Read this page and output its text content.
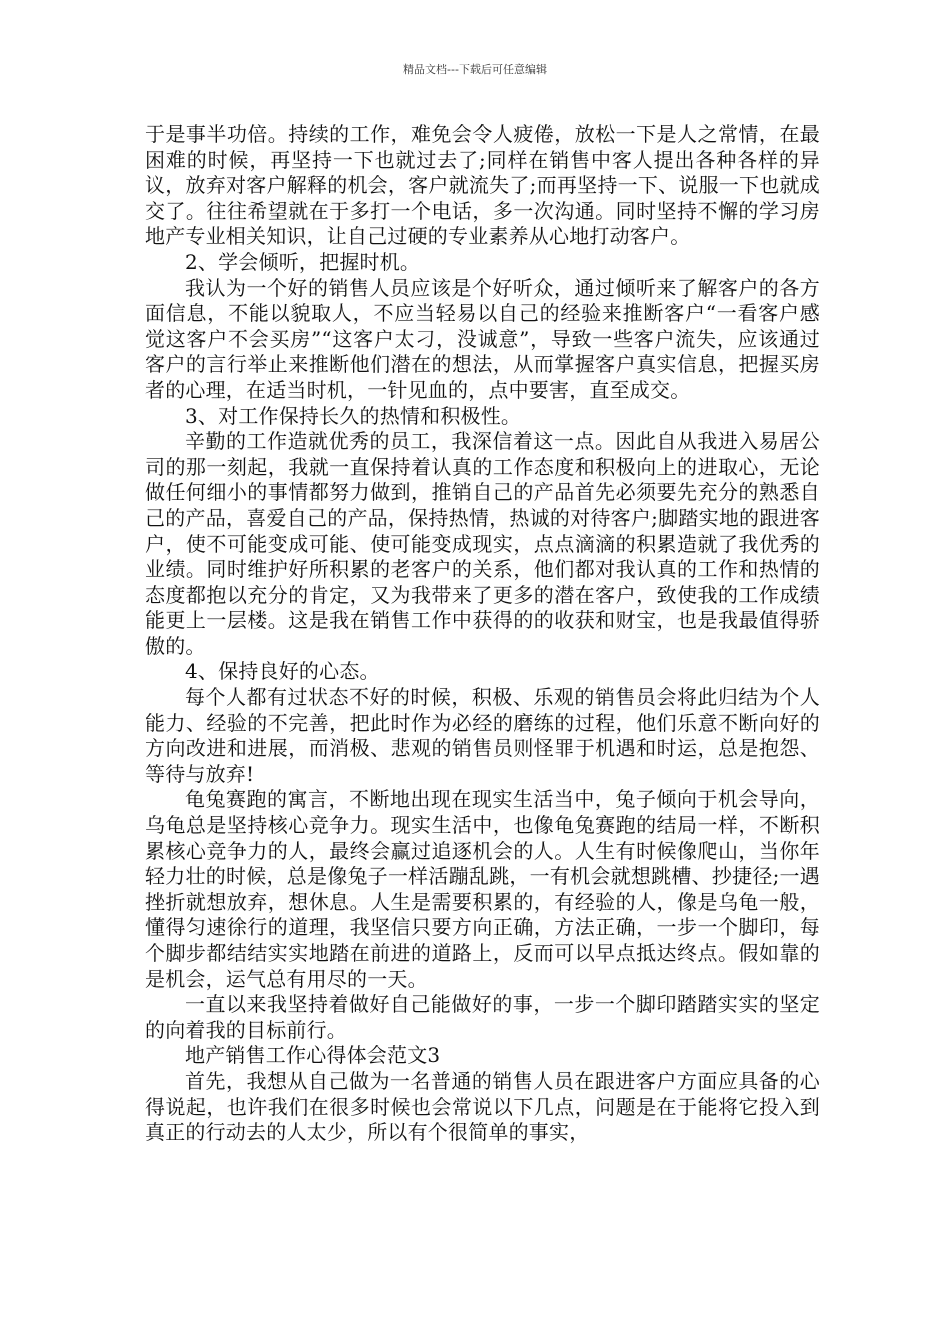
精品文档---下载后可任意编辑

于是事半功倍。持续的工作，难免会令人疲倦，放松一下是人之常情，在最困难的时候，再坚持一下也就过去了;同样在销售中客人提出各种各样的异议，放弃对客户解释的机会，客户就流失了;而再坚持一下、说服一下也就成交了。往往希望就在于多打一个电话，多一次沟通。同时坚持不懈的学习房地产专业相关知识，让自己过硬的专业素养从心地打动客户。

2、学会倾听，把握时机。

我认为一个好的销售人员应该是个好听众，通过倾听来了解客户的各方面信息，不能以貌取人，不应当轻易以自己的经验来推断客户“一看客户感觉这客户不会买房”“这客户太刁，没诚意”，导致一些客户流失，应该通过客户的言行举止来推断他们潜在的想法，从而掌握客户真实信息，把握买房者的心理，在适当时机，一针见血的，点中要害，直至成交。

3、对工作保持长久的热情和积极性。

辛勤的工作造就优秀的员工，我深信着这一点。因此自从我进入易居公司的那一刻起，我就一直保持着认真的工作态度和积极向上的进取心，无论做任何细小的事情都努力做到，推销自己的产品首先必须要先充分的熟悉自己的产品，喜爱自己的产品，保持热情，热诚的对待客户;脚踏实地的跟进客户，使不可能变成可能、使可能变成现实，点点滴滴的积累造就了我优秀的业绩。同时维护好所积累的老客户的关系，他们都对我认真的工作和热情的态度都抱以充分的肯定，又为我带来了更多的潜在客户，致使我的工作成绩能更上一层楼。这是我在销售工作中获得的的收获和财宝，也是我最值得骄傲的。

4、保持良好的心态。

每个人都有过状态不好的时候，积极、乐观的销售员会将此归结为个人能力、经验的不完善，把此时作为必经的磨练的过程，他们乐意不断向好的方向改进和进展，而消极、悲观的销售员则怪罪于机遇和时运，总是抱怨、等待与放弃!

龟兔赛跑的寓言，不断地出现在现实生活当中，兔子倾向于机会导向，乌龟总是坚持核心竞争力。现实生活中，也像龟兔赛跑的结局一样，不断积累核心竞争力的人，最终会赢过追逐机会的人。人生有时候像爬山，当你年轻力壮的时候，总是像兔子一样活蹦乱跳，一有机会就想跳槽、抄捷径;一遇挫折就想放弃，想休息。人生是需要积累的，有经验的人，像是乌龟一般，懂得匀速徐行的道理，我坚信只要方向正确，方法正确，一步一个脚印，每个脚步都结结实实地踏在前进的道路上，反而可以早点抵达终点。假如靠的是机会，运气总有用尽的一天。

一直以来我坚持着做好自己能做好的事，一步一个脚印踏踏实实的坚定的向着我的目标前行。

地产销售工作心得体会范文3

首先，我想从自己做为一名普通的销售人员在跟进客户方面应具备的心得说起，也许我们在很多时候也会常说以下几点，问题是在于能将它投入到真正的行动去的人太少，所以有个很简单的事实，
